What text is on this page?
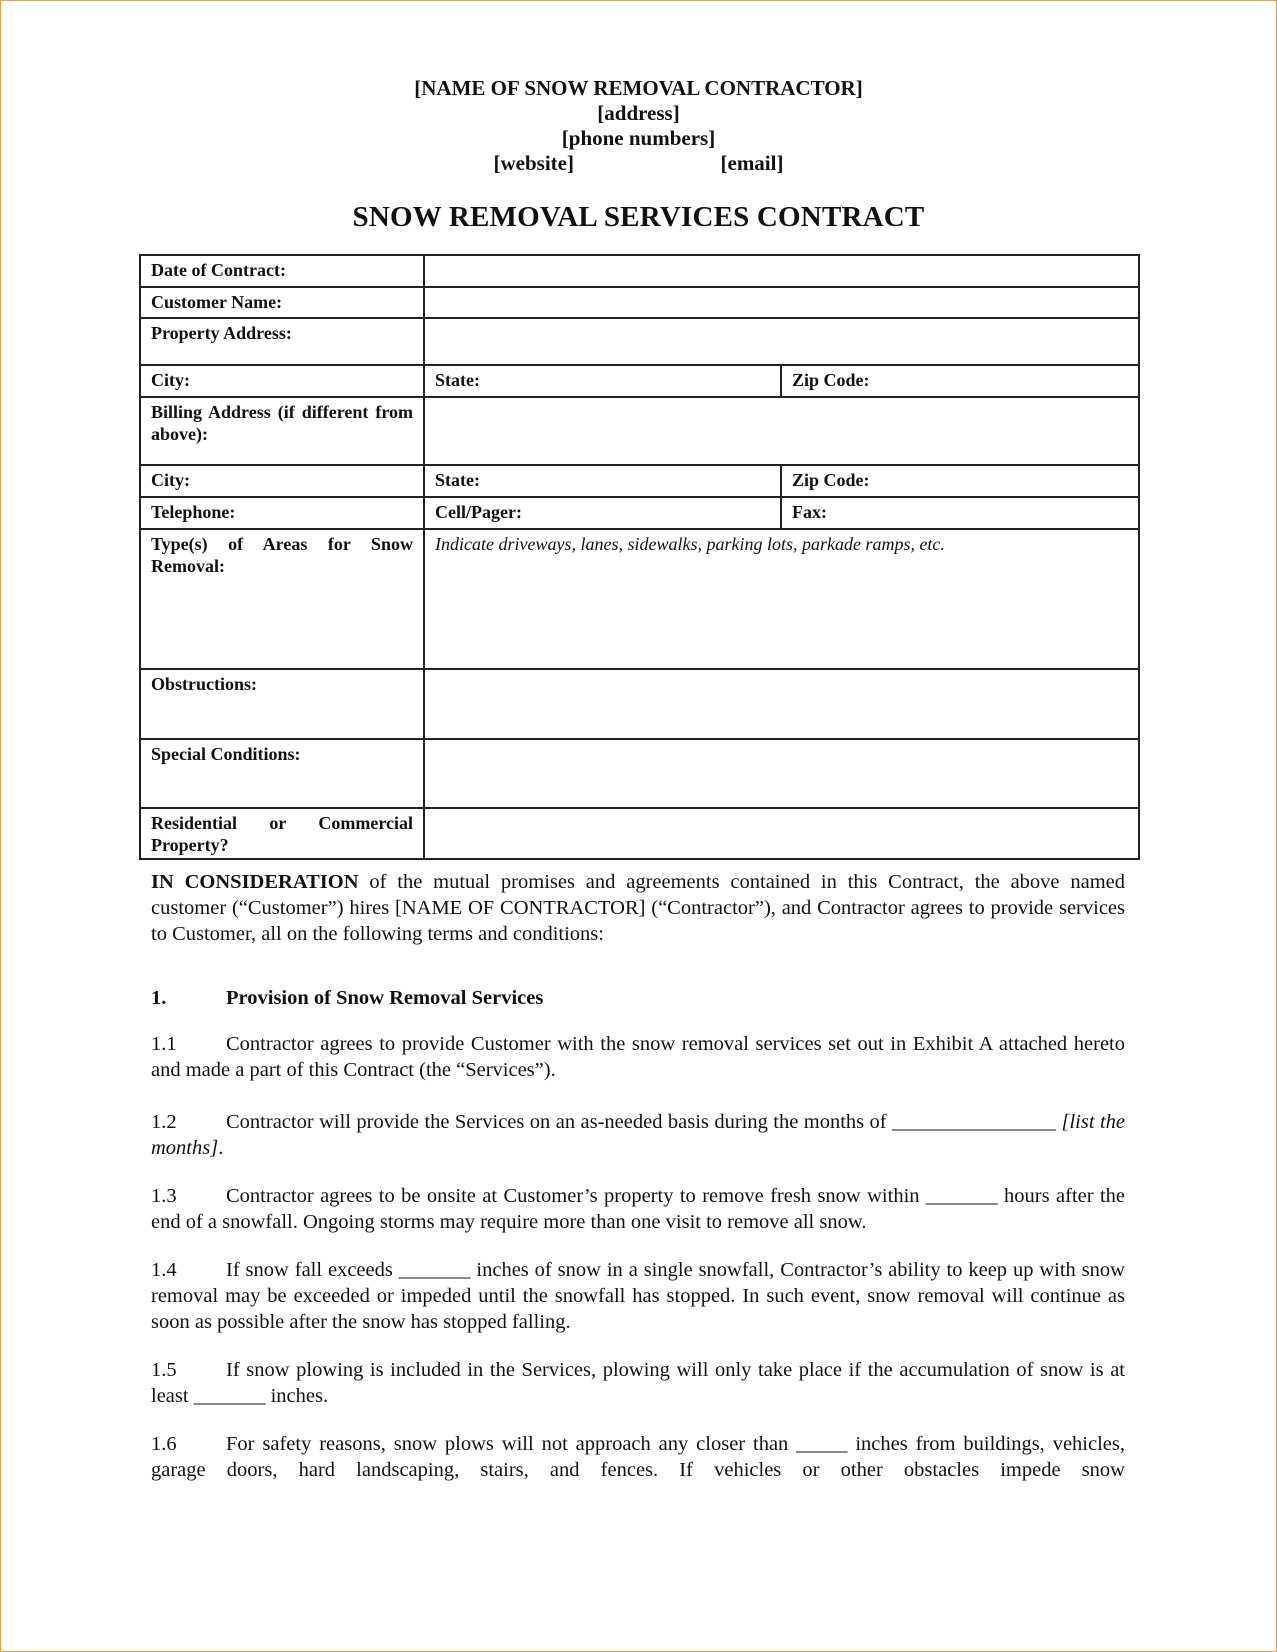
[NAME OF SNOW REMOVAL CONTRACTOR]
[address]
[phone numbers]
[website]	[email]
SNOW REMOVAL SERVICES CONTRACT
Date of Contract:		
Customer Name:		
Property Address:		
City:	State:	Zip Code:
Billing Address (if different from above):		
City:	State:	Zip Code:
Telephone:	Cell/Pager:	Fax:
Type(s) of Areas for Snow Removal:	Indicate driveways, lanes, sidewalks, parking lots, parkade ramps, etc.	
Obstructions:		
Special Conditions:		
Residential or Commercial Property?		

IN CONSIDERATION of the mutual promises and agreements contained in this Contract, the above named customer (“Customer”) hires [NAME OF CONTRACTOR] (“Contractor”), and Contractor agrees to provide services to Customer, all on the following terms and conditions:

1.	Provision of Snow Removal Services

1.1 Contractor agrees to provide Customer with the snow removal services set out in Exhibit A attached hereto and made a part of this Contract (the “Services”).

1.2 Contractor will provide the Services on an as-needed basis during the months of ________________ [list the months].

1.3 Contractor agrees to be onsite at Customer’s property to remove fresh snow within _______ hours after the end of a snowfall. Ongoing storms may require more than one visit to remove all snow.

1.4 If snow fall exceeds _______ inches of snow in a single snowfall, Contractor’s ability to keep up with snow removal may be exceeded or impeded until the snowfall has stopped. In such event, snow removal will continue as soon as possible after the snow has stopped falling.

1.5 If snow plowing is included in the Services, plowing will only take place if the accumulation of snow is at least _______ inches.

1.6 For safety reasons, snow plows will not approach any closer than _____ inches from buildings, vehicles, garage doors, hard landscaping, stairs, and fences. If vehicles or other obstacles impede snow
